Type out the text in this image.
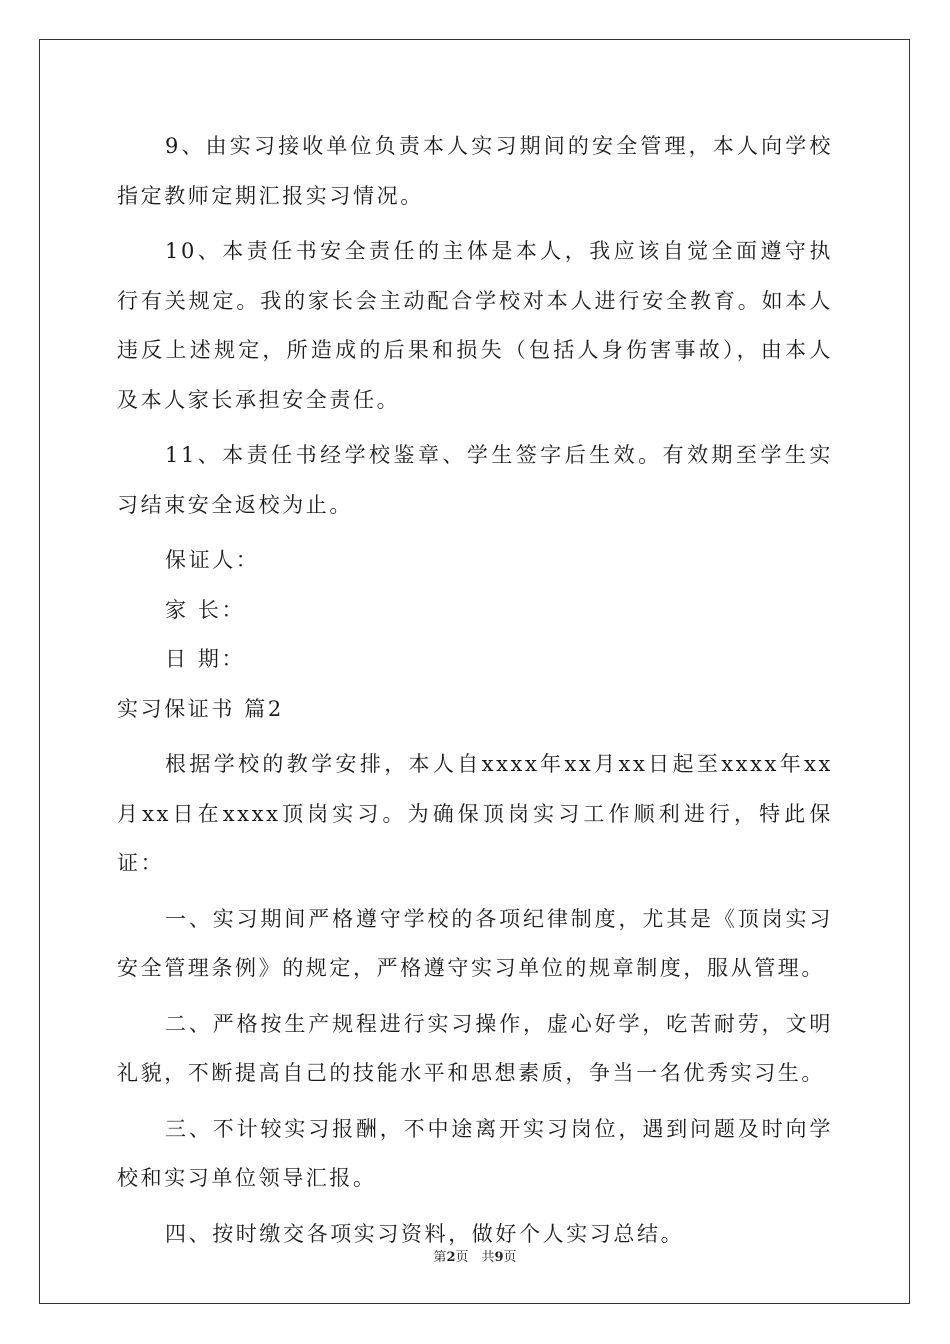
9、由实习接收单位负责本人实习期间的安全管理，本人向学校指定教师定期汇报实习情况。

10、本责任书安全责任的主体是本人，我应该自觉全面遵守执行有关规定。我的家长会主动配合学校对本人进行安全教育。如本人违反上述规定，所造成的后果和损失（包括人身伤害事故），由本人及本人家长承担安全责任。

11、本责任书经学校鉴章、学生签字后生效。有效期至学生实习结束安全返校为止。

保证人：

家 长：

日 期：

实习保证书 篇2

根据学校的教学安排，本人自xxxx年xx月xx日起至xxxx年xx月xx日在xxxx顶岗实习。为确保顶岗实习工作顺利进行，特此保证：

一、实习期间严格遵守学校的各项纪律制度，尤其是《顶岗实习安全管理条例》的规定，严格遵守实习单位的规章制度，服从管理。

二、严格按生产规程进行实习操作，虚心好学，吃苦耐劳，文明礼貌，不断提高自己的技能水平和思想素质，争当一名优秀实习生。

三、不计较实习报酬，不中途离开实习岗位，遇到问题及时向学校和实习单位领导汇报。

四、按时缴交各项实习资料，做好个人实习总结。

第2页　共9页
